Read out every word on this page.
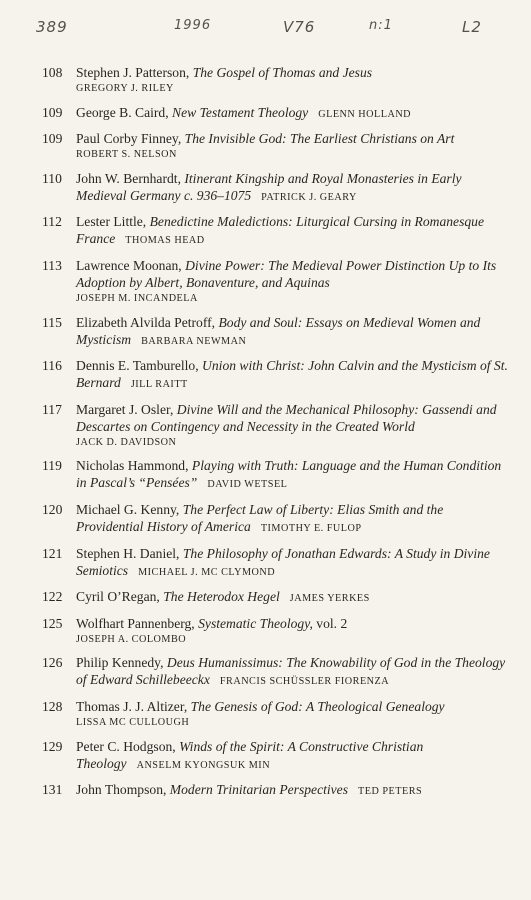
389	1996	V76	n:1	L2
108	Stephen J. Patterson, The Gospel of Thomas and Jesus
GREGORY J. RILEY
109	George B. Caird, New Testament Theology GLENN HOLLAND
109	Paul Corby Finney, The Invisible God: The Earliest Christians on Art
ROBERT S. NELSON
110	John W. Bernhardt, Itinerant Kingship and Royal Monasteries in Early Medieval Germany c. 936–1075 PATRICK J. GEARY
112	Lester Little, Benedictine Maledictions: Liturgical Cursing in Romanesque France THOMAS HEAD
113	Lawrence Moonan, Divine Power: The Medieval Power Distinction Up to Its Adoption by Albert, Bonaventure, and Aquinas
JOSEPH M. INCANDELA
115	Elizabeth Alvilda Petroff, Body and Soul: Essays on Medieval Women and Mysticism BARBARA NEWMAN
116	Dennis E. Tamburello, Union with Christ: John Calvin and the Mysticism of St. Bernard JILL RAITT
117	Margaret J. Osler, Divine Will and the Mechanical Philosophy: Gassendi and Descartes on Contingency and Necessity in the Created World
JACK D. DAVIDSON
119	Nicholas Hammond, Playing with Truth: Language and the Human Condition in Pascal’s “Pensées” DAVID WETSEL
120	Michael G. Kenny, The Perfect Law of Liberty: Elias Smith and the Providential History of America TIMOTHY E. FULOP
121	Stephen H. Daniel, The Philosophy of Jonathan Edwards: A Study in Divine Semiotics MICHAEL J. MC CLYMOND
122	Cyril O’Regan, The Heterodox Hegel JAMES YERKES
125	Wolfhart Pannenberg, Systematic Theology, vol. 2
JOSEPH A. COLOMBO
126	Philip Kennedy, Deus Humanissimus: The Knowability of God in the Theology of Edward Schillebeeckx FRANCIS SCHÜSSLER FIORENZA
128	Thomas J. J. Altizer, The Genesis of God: A Theological Genealogy
LISSA MC CULLOUGH
129	Peter C. Hodgson, Winds of the Spirit: A Constructive Christian Theology ANSELM KYONGSUK MIN
131	John Thompson, Modern Trinitarian Perspectives TED PETERS
